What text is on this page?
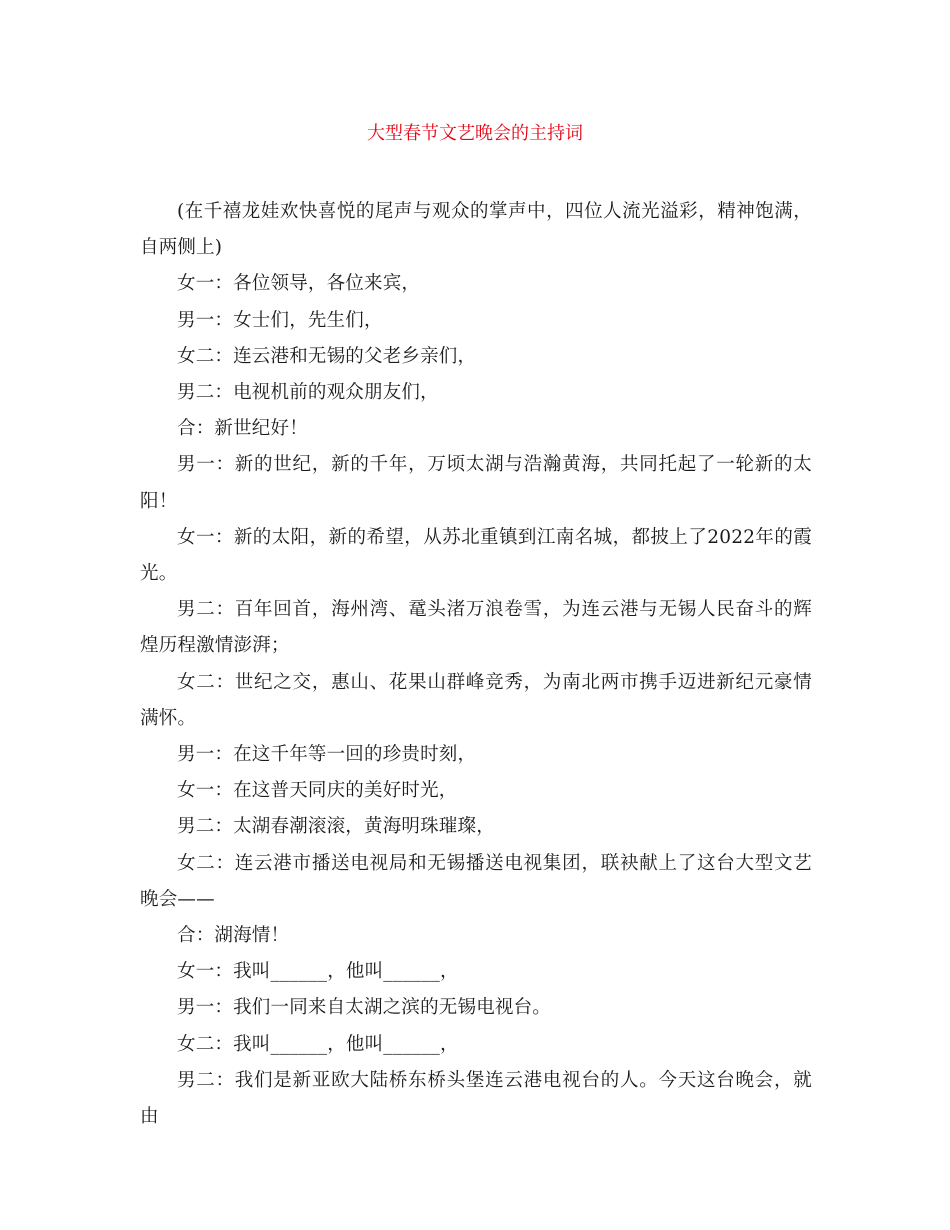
大型春节文艺晚会的主持词

(在千禧龙娃欢快喜悦的尾声与观众的掌声中，四位人流光溢彩，精神饱满，自两侧上)

女一：各位领导，各位来宾，

男一：女士们，先生们，

女二：连云港和无锡的父老乡亲们，

男二：电视机前的观众朋友们，

合：新世纪好！

男一：新的世纪，新的千年，万顷太湖与浩瀚黄海，共同托起了一轮新的太阳！

女一：新的太阳，新的希望，从苏北重镇到江南名城，都披上了2022年的霞光。

男二：百年回首，海州湾、鼋头渚万浪卷雪，为连云港与无锡人民奋斗的辉煌历程激情澎湃；

女二：世纪之交，惠山、花果山群峰竞秀，为南北两市携手迈进新纪元豪情满怀。

男一：在这千年等一回的珍贵时刻，

女一：在这普天同庆的美好时光，

男二：太湖春潮滚滚，黄海明珠璀璨，

女二：连云港市播送电视局和无锡播送电视集团，联袂献上了这台大型文艺晚会——

合：湖海情！

女一：我叫______，他叫______，

男一：我们一同来自太湖之滨的无锡电视台。

女二：我叫______，他叫______，

男二：我们是新亚欧大陆桥东桥头堡连云港电视台的人。今天这台晚会，就由
